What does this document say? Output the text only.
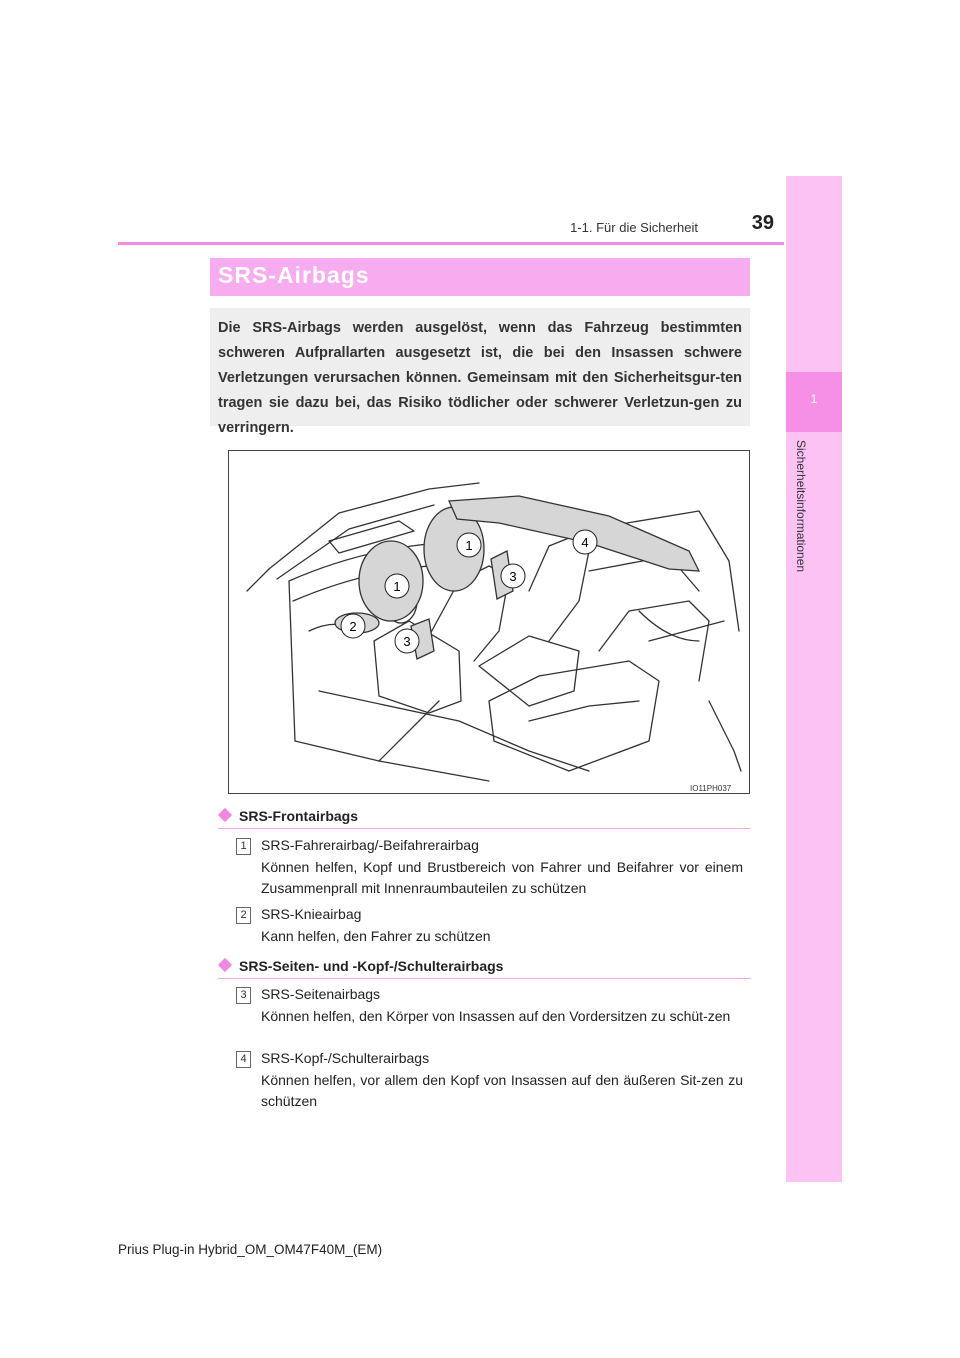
1
Sicherheitsinformationen
39
1-1. Für die Sicherheit
SRS-Airbags
Die SRS-Airbags werden ausgelöst, wenn das Fahrzeug bestimmten schweren Aufprallarten ausgesetzt ist, die bei den Insassen schwere Verletzungen verursachen können. Gemeinsam mit den Sicherheitsgur-ten tragen sie dazu bei, das Risiko tödlicher oder schwerer Verletzun-gen zu verringern.
1
1
2
3
3
4
IO11PH037
SRS-Frontairbags
1	SRS-Fahrerairbag/-Beifahrerairbag
Können helfen, Kopf und Brustbereich von Fahrer und Beifahrer vor einem Zusammenprall mit Innenraumbauteilen zu schützen
2	SRS-Knieairbag
Kann helfen, den Fahrer zu schützen
SRS-Seiten- und -Kopf-/Schulterairbags
3	SRS-Seitenairbags
Können helfen, den Körper von Insassen auf den Vordersitzen zu schüt-zen
4	SRS-Kopf-/Schulterairbags
Können helfen, vor allem den Kopf von Insassen auf den äußeren Sit-zen zu schützen
Prius Plug-in Hybrid_OM_OM47F40M_(EM)
